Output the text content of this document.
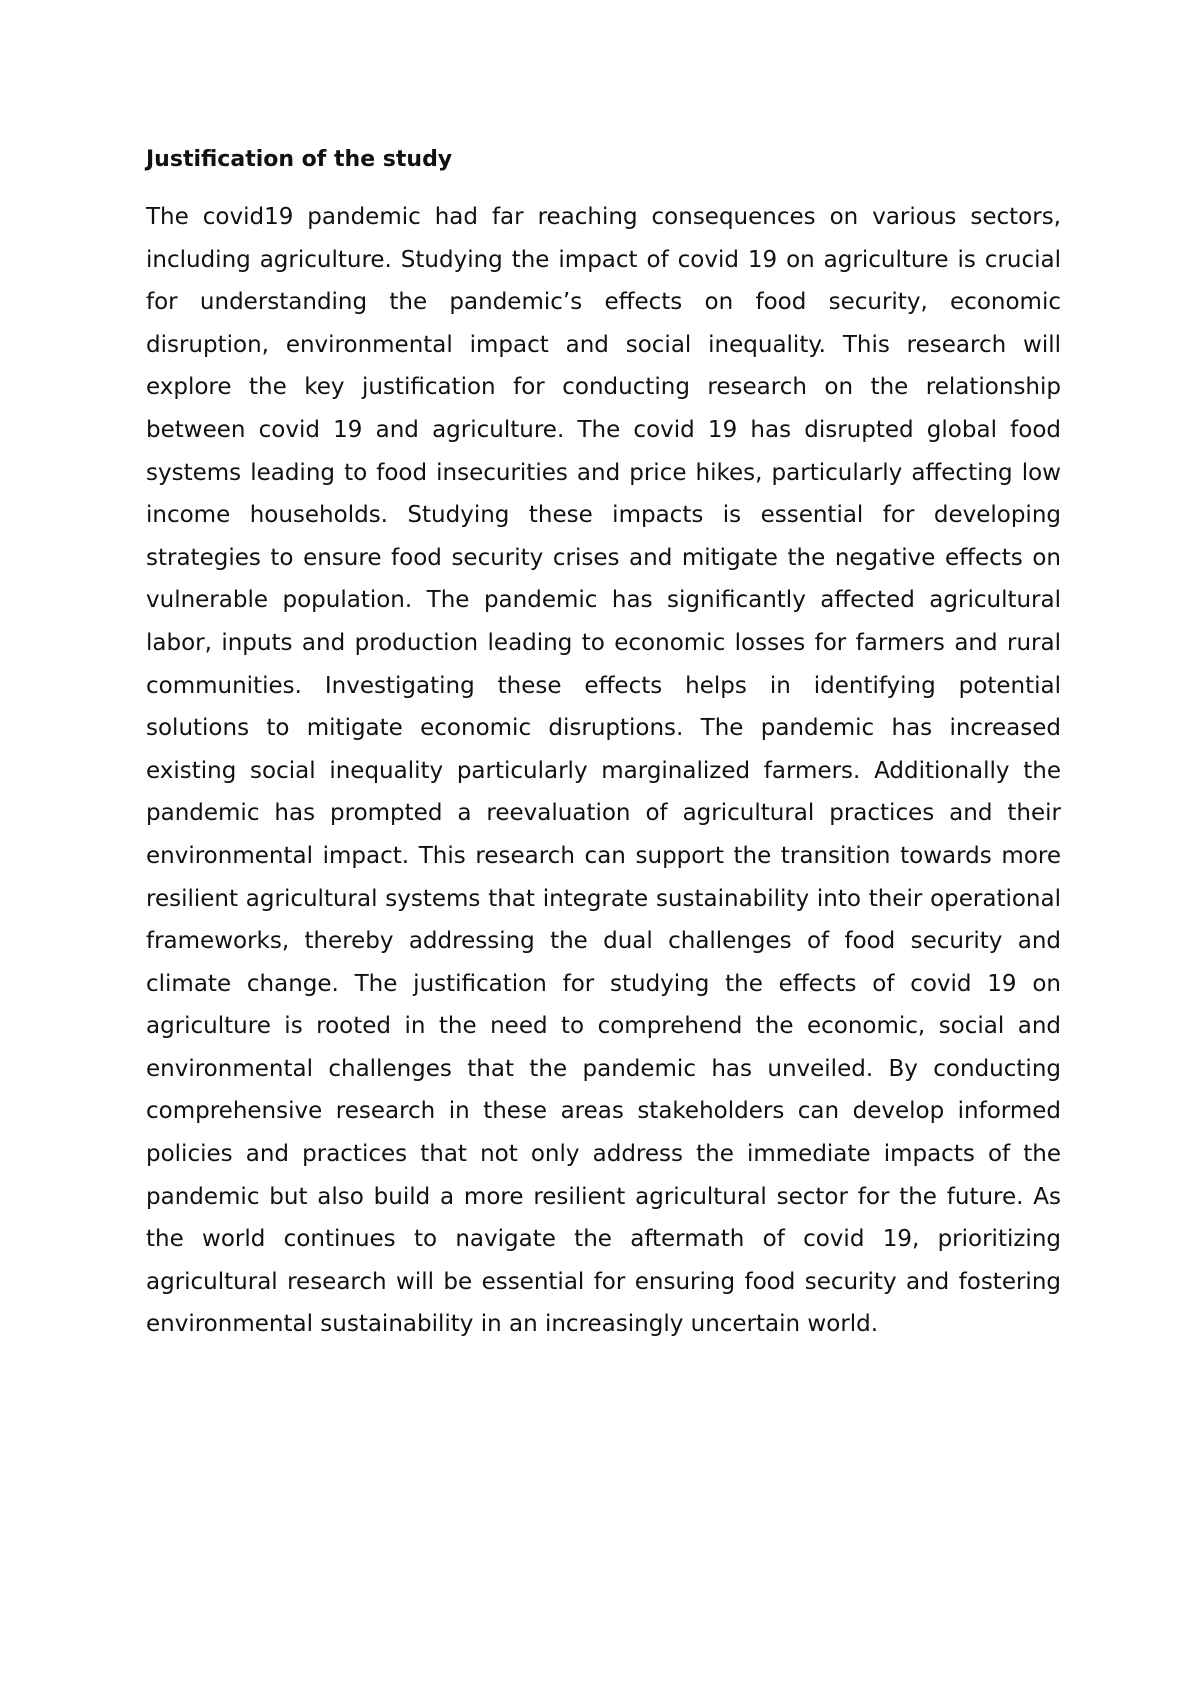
Justification of the study

The covid19 pandemic had far reaching consequences on various sectors, including agriculture. Studying the impact of covid 19 on agriculture is crucial for understanding the pandemic’s effects on food security, economic disruption, environmental impact and social inequality. This research will explore the key justification for conducting research on the relationship between covid 19 and agriculture. The covid 19 has disrupted global food systems leading to food insecurities and price hikes, particularly affecting low income households. Studying these impacts is essential for developing strategies to ensure food security crises and mitigate the negative effects on vulnerable population. The pandemic has significantly affected agricultural labor, inputs and production leading to economic losses for farmers and rural communities. Investigating these effects helps in identifying potential solutions to mitigate economic disruptions. The pandemic has increased existing social inequality particularly marginalized farmers. Additionally the pandemic has prompted a reevaluation of agricultural practices and their environmental impact. This research can support the transition towards more resilient agricultural systems that integrate sustainability into their operational frameworks, thereby addressing the dual challenges of food security and climate change. The justification for studying the effects of covid 19 on agriculture is rooted in the need to comprehend the economic, social and environmental challenges that the pandemic has unveiled. By conducting comprehensive research in these areas stakeholders can develop informed policies and practices that not only address the immediate impacts of the pandemic but also build a more resilient agricultural sector for the future. As the world continues to navigate the aftermath of covid 19, prioritizing agricultural research will be essential for ensuring food security and fostering environmental sustainability in an increasingly uncertain world.
